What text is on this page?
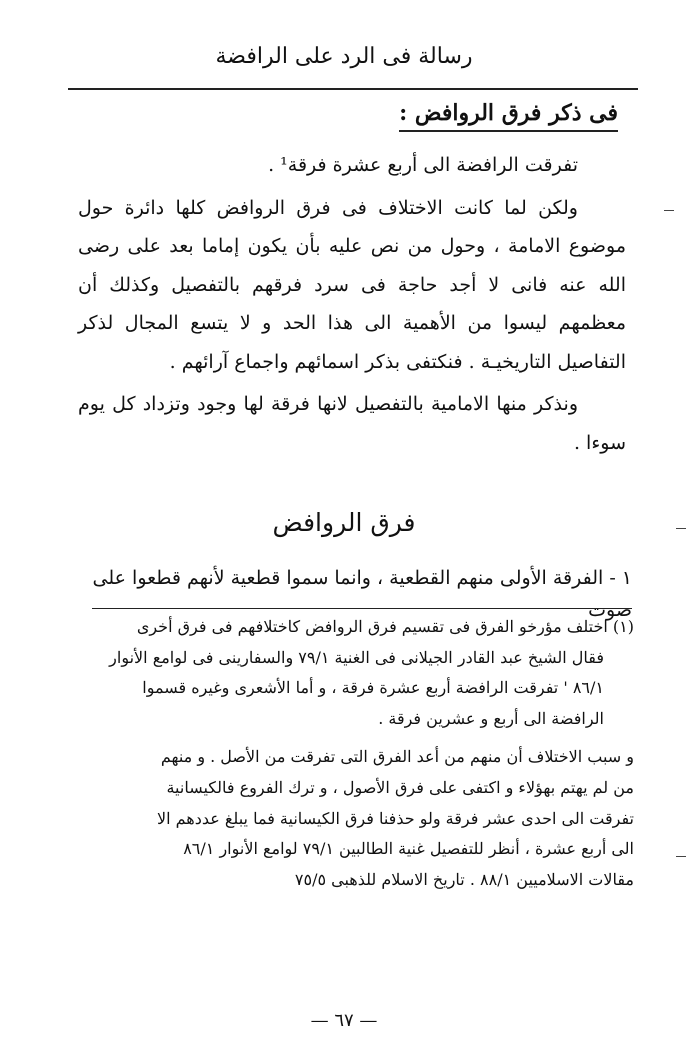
رسالة فى الرد على الرافضة
فى ذكر فرق الروافض :

تفرقت الرافضة الى أربع عشرة فرقة¹ .

ولكن لما كانت الاختلاف فى فرق الروافض كلها دائرة حول موضوع الامامة ، وحول من نص عليه بأن يكون إماما بعد على رضى الله عنه فانى لا أجد حاجة فى سرد فرقهم بالتفصيل وكذلك أن معظمهم ليسوا من الأهمية الى هذا الحد و لا يتسع المجال لذكر التفاصيل التاريخيـة . فنكتفى بذكر اسمائهم واجماع آرائهم .

ونذكر منها الامامية بالتفصيل لانها فرقة لها وجود وتزداد كل يوم سوءا .

فرق الروافض
١ - الفرقة الأولى منهم القطعية ، وانما سموا قطعية لأنهم قطعوا على صوت

(١) اختلف مؤرخو الفرق فى تقسيم فرق الروافض كاختلافهم فى فرق أخرى

فقال الشيخ عبد القادر الجيلانى فى الغنية ٧٩/١ والسفارينى فى لوامع الأنوار

٨٦/١ ' تفرقت الرافضة أربع عشرة فرقة ، و أما الأشعرى وغيره قسموا

الرافضة الى أربع و عشرين فرقة .

و سبب الاختلاف أن منهم من أعد الفرق التى تفرقت من الأصل . و منهم

من لم يهتم بهؤلاء و اكتفى على فرق الأصول ، و ترك الفروع فالكيسانية

تفرقت الى احدى عشر فرقة ولو حذفنا فرق الكيسانية فما يبلغ عددهم الا

الى أربع عشرة ، أنظر للتفصيل غنية الطالبين ٧٩/١ لوامع الأنوار ٨٦/١

مقالات الاسلاميين ٨٨/١ . تاريخ الاسلام للذهبى ٧٥/٥

— ٦٧ —
